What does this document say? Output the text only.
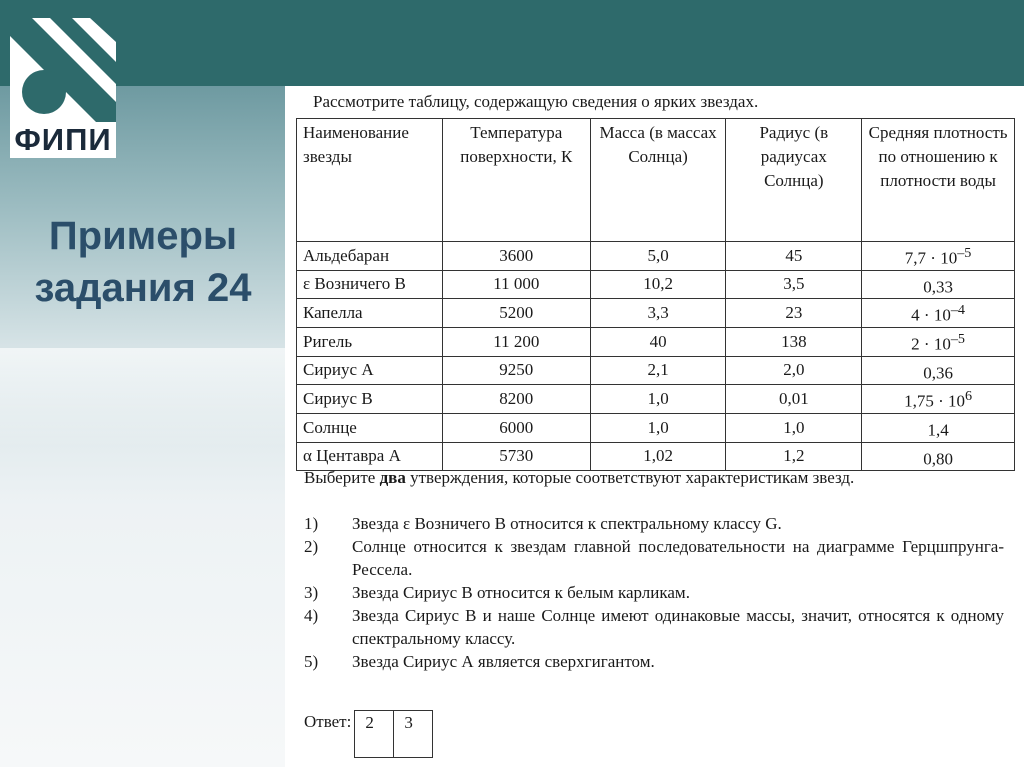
ФИПИ
Примеры
задания 24
Рассмотрите таблицу, содержащую сведения о ярких звездах.
Наименование звезды	Температура поверхности, К	Масса (в массах Солнца)	Радиус (в радиусах Солнца)	Средняя плотность по отношению к плотности воды
Альдебаран	3600	5,0	45	$7,7 \cdot 10^{-5}$
ε Возничего В	11 000	10,2	3,5	0,33
Капелла	5200	3,3	23	$4 \cdot 10^{-4}$
Ригель	11 200	40	138	$2 \cdot 10^{-5}$
Сириус А	9250	2,1	2,0	0,36
Сириус В	8200	1,0	0,01	$1,75 \cdot 10^6$
Солнце	6000	1,0	1,0	1,4
α Центавра А	5730	1,02	1,2	0,80
Выберите два утверждения, которые соответствуют характеристикам звезд.
1)	Звезда ε Возничего В относится к спектральному классу G.
2)	Солнце относится к звездам главной последовательности на диаграмме Герцшпрунга-Рессела.
3)	Звезда Сириус В относится к белым карликам.
4)	Звезда Сириус В и наше Солнце имеют одинаковые массы, значит, относятся к одному спектральному классу.
5)	Звезда Сириус А является сверхгигантом.
Ответ: 2	3
